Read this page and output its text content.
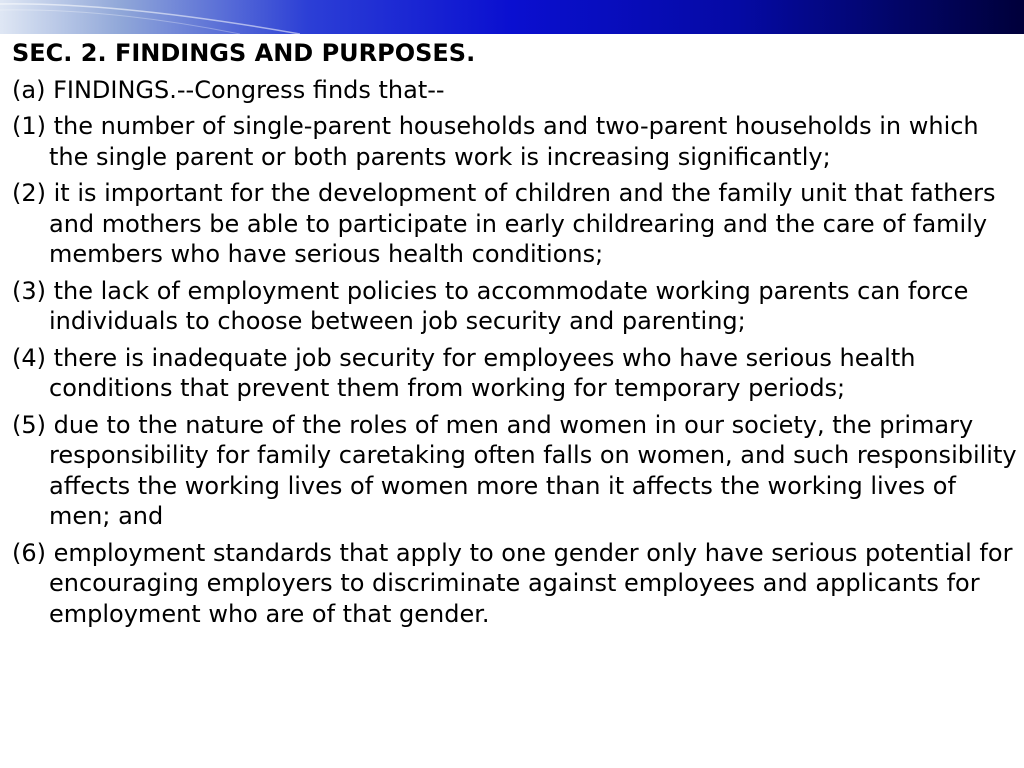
SEC. 2. FINDINGS AND PURPOSES.
(a) FINDINGS.--Congress finds that--
(1) the number of single-parent households and two-parent households in which the single parent or both parents work is increasing significantly;
(2) it is important for the development of children and the family unit that fathers and mothers be able to participate in early childrearing and the care of family members who have serious health conditions;
(3) the lack of employment policies to accommodate working parents can force individuals to choose between job security and parenting;
(4) there is inadequate job security for employees who have serious health conditions that prevent them from working for temporary periods;
(5) due to the nature of the roles of men and women in our society, the primary responsibility for family caretaking often falls on women, and such responsibility affects the working lives of women more than it affects the working lives of men; and
(6) employment standards that apply to one gender only have serious potential for encouraging employers to discriminate against employees and applicants for employment who are of that gender.
